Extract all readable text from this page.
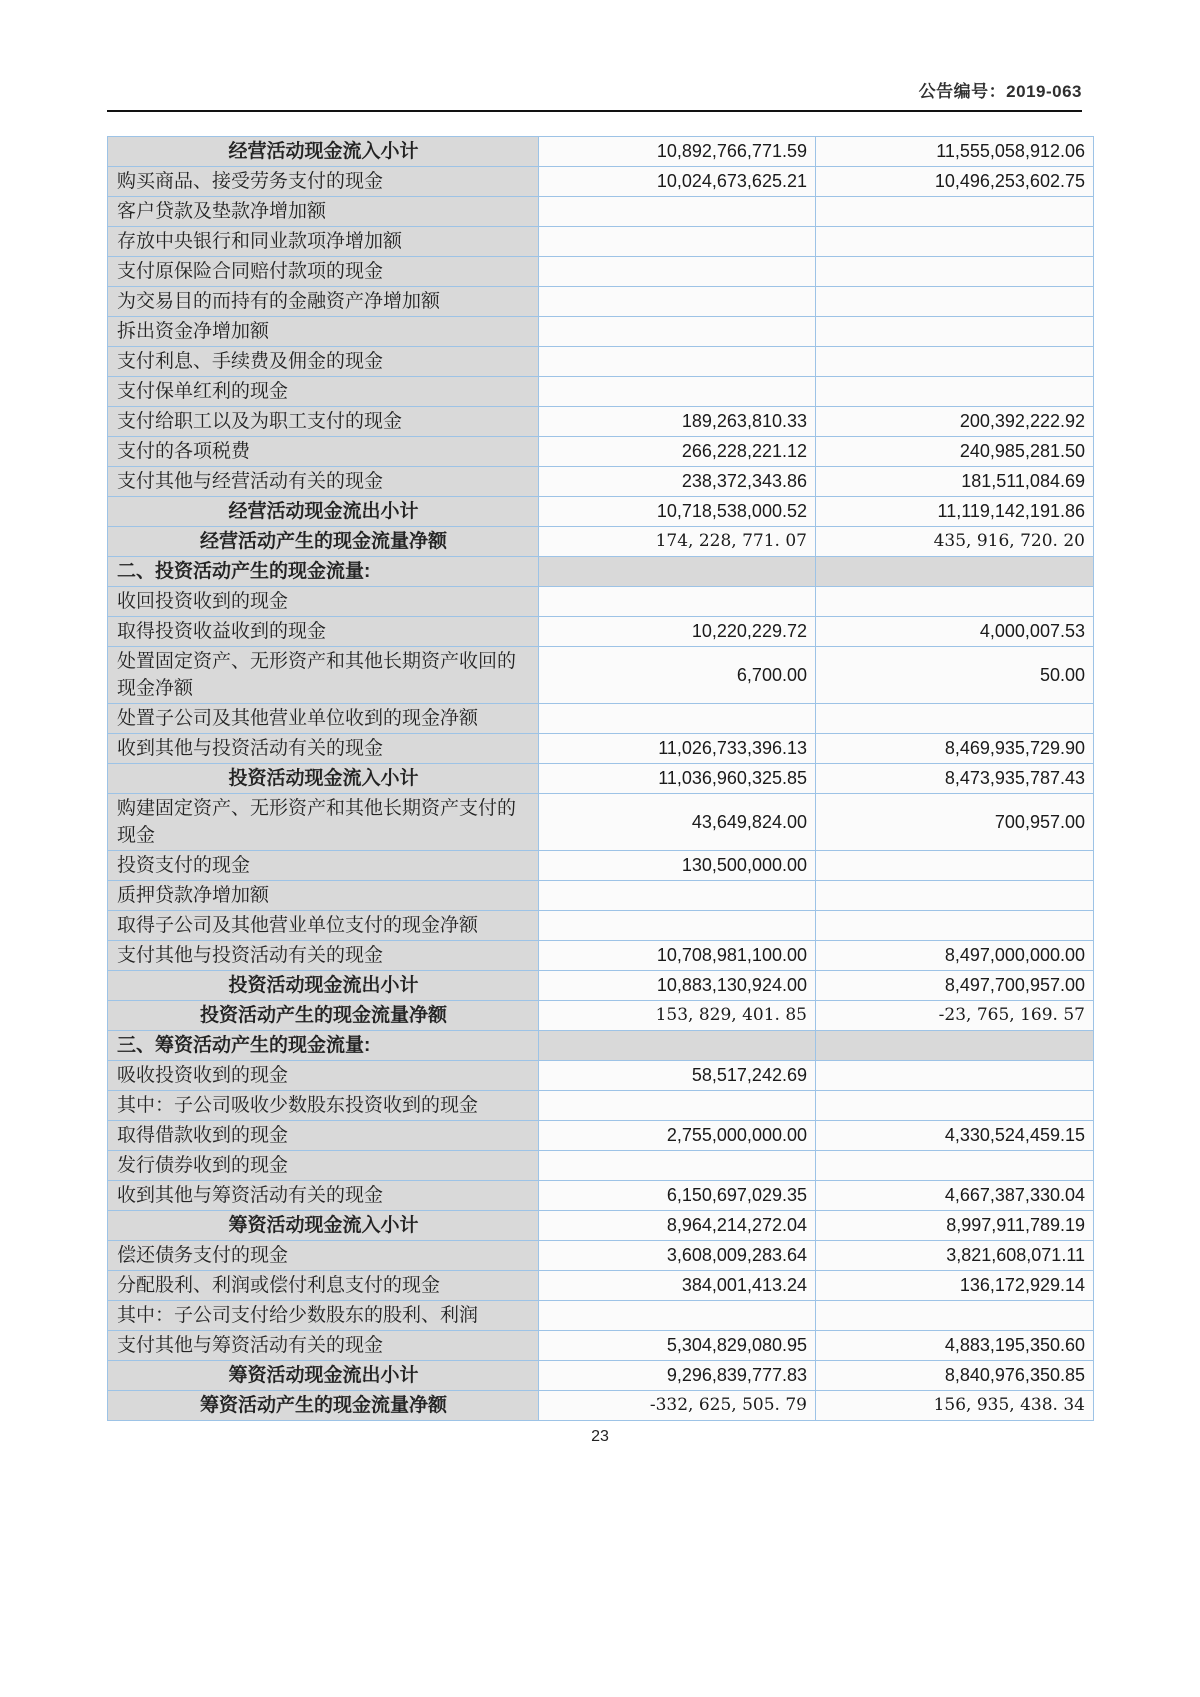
公告编号：2019-063
经营活动现金流入小计	10,892,766,771.59	11,555,058,912.06
购买商品、接受劳务支付的现金	10,024,673,625.21	10,496,253,602.75
客户贷款及垫款净增加额		
存放中央银行和同业款项净增加额		
支付原保险合同赔付款项的现金		
为交易目的而持有的金融资产净增加额		
拆出资金净增加额		
支付利息、手续费及佣金的现金		
支付保单红利的现金		
支付给职工以及为职工支付的现金	189,263,810.33	200,392,222.92
支付的各项税费	266,228,221.12	240,985,281.50
支付其他与经营活动有关的现金	238,372,343.86	181,511,084.69
经营活动现金流出小计	10,718,538,000.52	11,119,142,191.86
经营活动产生的现金流量净额	174, 228, 771. 07	435, 916, 720. 20
二、投资活动产生的现金流量:		
收回投资收到的现金		
取得投资收益收到的现金	10,220,229.72	4,000,007.53
处置固定资产、无形资产和其他长期资产收回的现金净额	6,700.00	50.00
处置子公司及其他营业单位收到的现金净额		
收到其他与投资活动有关的现金	11,026,733,396.13	8,469,935,729.90
投资活动现金流入小计	11,036,960,325.85	8,473,935,787.43
购建固定资产、无形资产和其他长期资产支付的现金	43,649,824.00	700,957.00
投资支付的现金	130,500,000.00	
质押贷款净增加额		
取得子公司及其他营业单位支付的现金净额		
支付其他与投资活动有关的现金	10,708,981,100.00	8,497,000,000.00
投资活动现金流出小计	10,883,130,924.00	8,497,700,957.00
投资活动产生的现金流量净额	153, 829, 401. 85	-23, 765, 169. 57
三、筹资活动产生的现金流量:		
吸收投资收到的现金	58,517,242.69	
其中：子公司吸收少数股东投资收到的现金		
取得借款收到的现金	2,755,000,000.00	4,330,524,459.15
发行债券收到的现金		
收到其他与筹资活动有关的现金	6,150,697,029.35	4,667,387,330.04
筹资活动现金流入小计	8,964,214,272.04	8,997,911,789.19
偿还债务支付的现金	3,608,009,283.64	3,821,608,071.11
分配股利、利润或偿付利息支付的现金	384,001,413.24	136,172,929.14
其中：子公司支付给少数股东的股利、利润		
支付其他与筹资活动有关的现金	5,304,829,080.95	4,883,195,350.60
筹资活动现金流出小计	9,296,839,777.83	8,840,976,350.85
筹资活动产生的现金流量净额	-332, 625, 505. 79	156, 935, 438. 34
23
